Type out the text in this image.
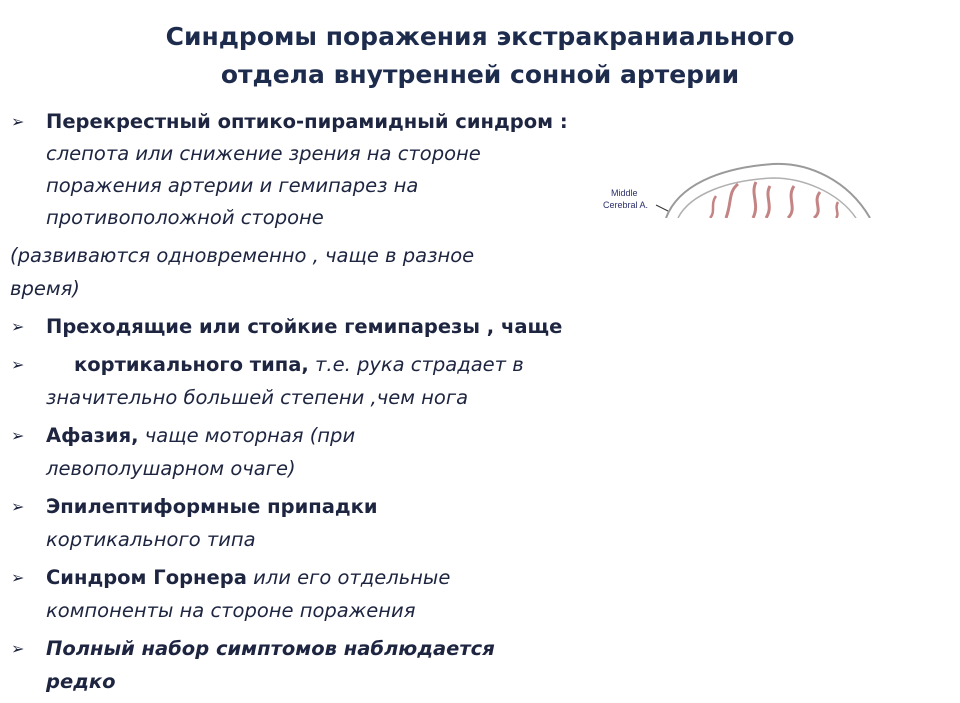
Синдромы поражения экстракраниального
отдела внутренней сонной артерии
➢	Перекрестный оптико-пирамидный синдром : слепота или снижение зрения на стороне поражения артерии и гемипарез на противоположной стороне
(развиваются одновременно , чаще в разное время)
➢	Преходящие или стойкие гемипарезы , чаще
➢	кортикального типа, т.е. рука страдает в значительно большей степени ,чем нога
➢	Афазия, чаще моторная (при левополушарном очаге)
➢ Эпилептиформные припадки
кортикального типа
➢	Синдром Горнера или его отдельные компоненты на стороне поражения
➢	Полный набор симптомов наблюдается редко
Middle
Cerebral A.
